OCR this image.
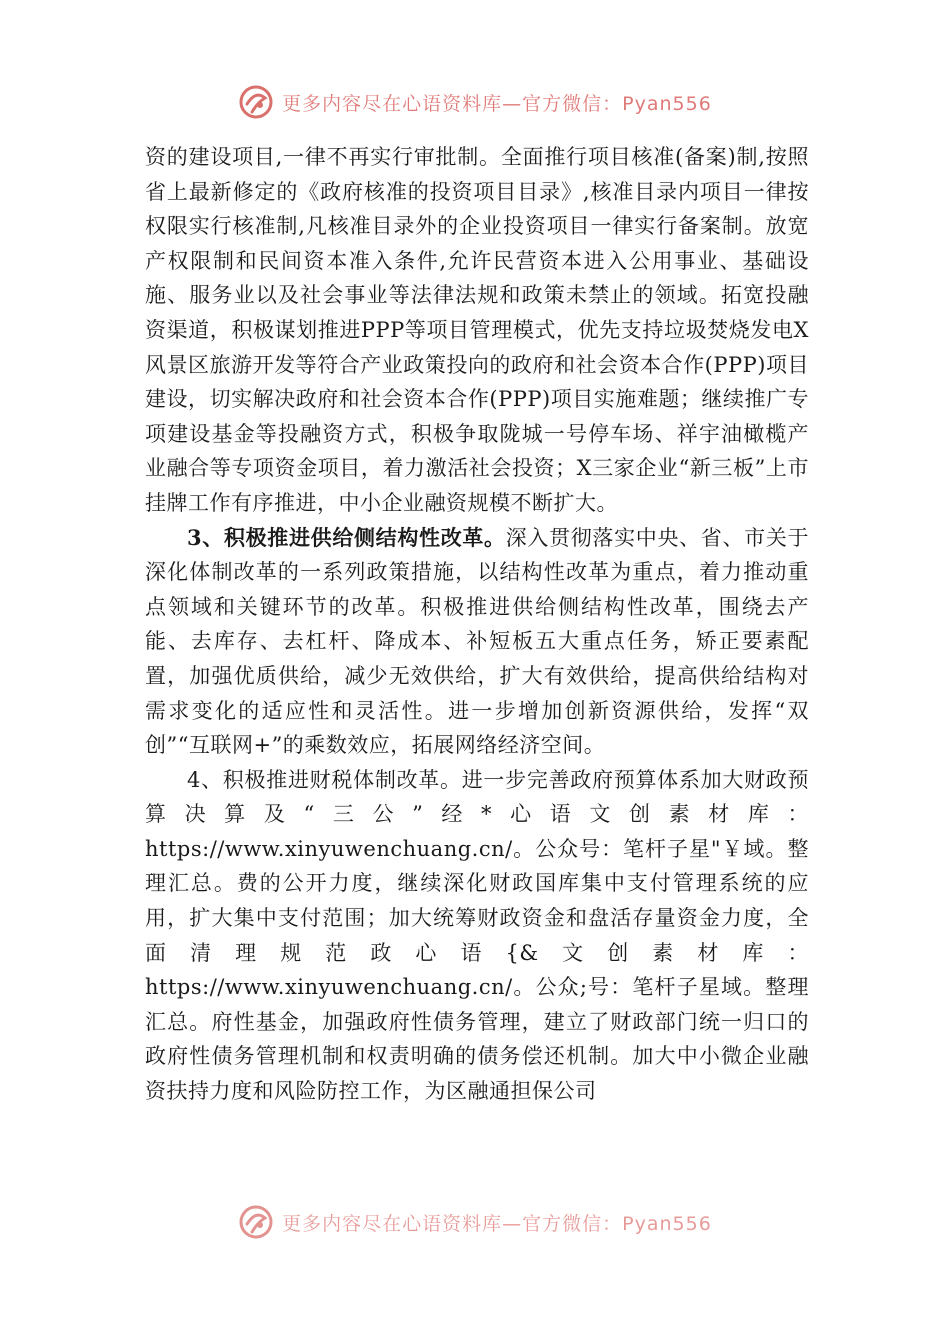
更多内容尽在心语资料库—官方微信：Pyan556

资的建设项目,一律不再实行审批制。全面推行项目核准(备案)制,按照省上最新修定的《政府核准的投资项目目录》,核准目录内项目一律按权限实行核准制,凡核准目录外的企业投资项目一律实行备案制。放宽产权限制和民间资本准入条件,允许民营资本进入公用事业、基础设施、服务业以及社会事业等法律法规和政策未禁止的领域。拓宽投融资渠道，积极谋划推进PPP等项目管理模式，优先支持垃圾焚烧发电X风景区旅游开发等符合产业政策投向的政府和社会资本合作(PPP)项目建设，切实解决政府和社会资本合作(PPP)项目实施难题；继续推广专项建设基金等投融资方式，积极争取陇城一号停车场、祥宇油橄榄产业融合等专项资金项目，着力激活社会投资；X三家企业“新三板”上市挂牌工作有序推进，中小企业融资规模不断扩大。

3、积极推进供给侧结构性改革。深入贯彻落实中央、省、市关于深化体制改革的一系列政策措施，以结构性改革为重点，着力推动重点领域和关键环节的改革。积极推进供给侧结构性改革，围绕去产能、去库存、去杠杆、降成本、补短板五大重点任务，矫正要素配置，加强优质供给，减少无效供给，扩大有效供给，提高供给结构对需求变化的适应性和灵活性。进一步增加创新资源供给，发挥“双创”“互联网+”的乘数效应，拓展网络经济空间。

4、积极推进财税体制改革。进一步完善政府预算体系加大财政预算决算及“三公”经*心语文创素材库：https://www.xinyuwenchuang.cn/。公众号：笔杆子星"￥域。整理汇总。费的公开力度，继续深化财政国库集中支付管理系统的应用，扩大集中支付范围；加大统筹财政资金和盘活存量资金力度，全面清理规范政心语{&文创素材库：https://www.xinyuwenchuang.cn/。公众;号：笔杆子星域。整理汇总。府性基金，加强政府性债务管理，建立了财政部门统一归口的政府性债务管理机制和权责明确的债务偿还机制。加大中小微企业融资扶持力度和风险防控工作，为区融通担保公司

更多内容尽在心语资料库—官方微信：Pyan556
